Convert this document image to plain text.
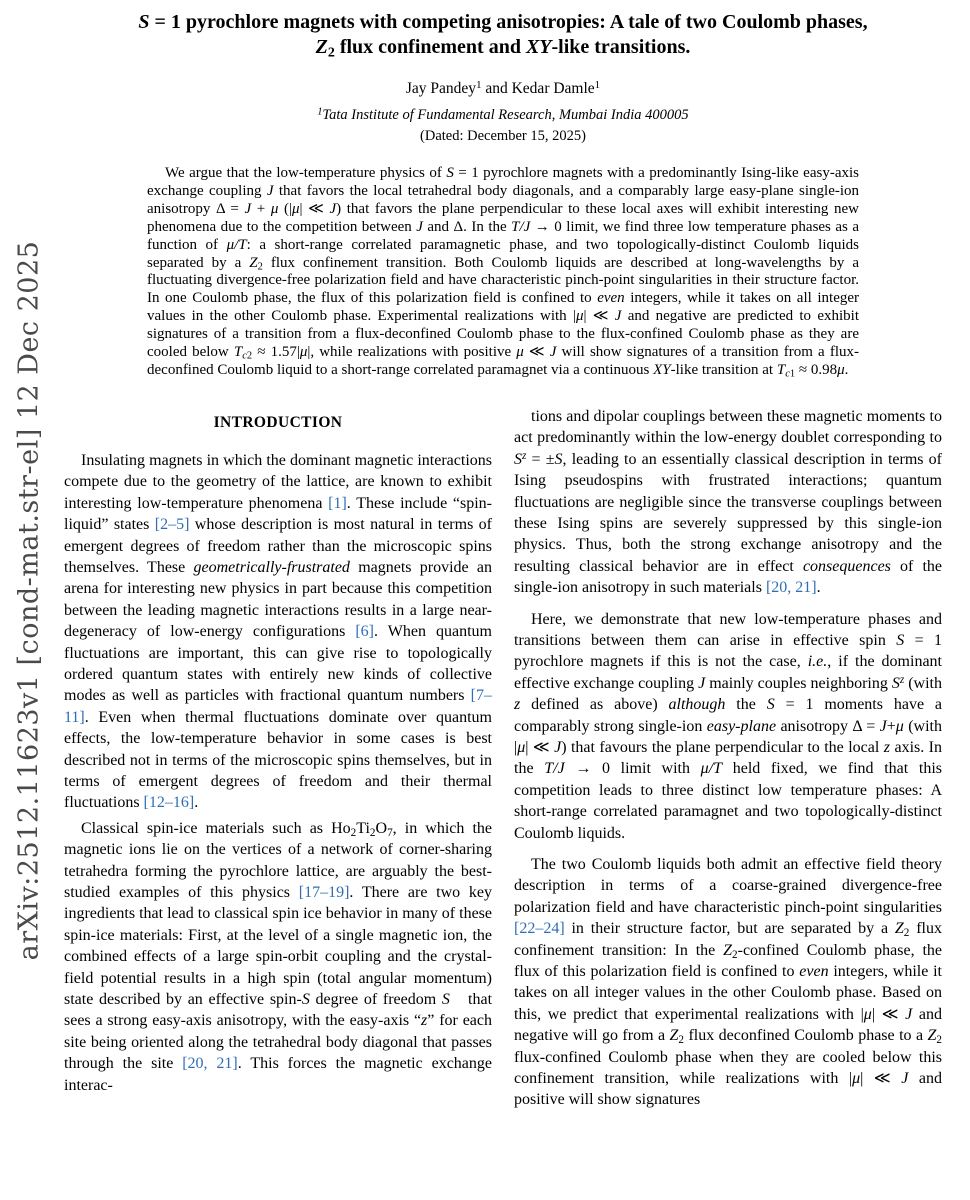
arXiv:2512.11623v1 [cond-mat.str-el] 12 Dec 2025
S = 1 pyrochlore magnets with competing anisotropies: A tale of two Coulomb phases,
Z2 flux confinement and XY-like transitions.
Jay Pandey$^1$ and Kedar Damle$^1$
$^1$Tata Institute of Fundamental Research, Mumbai India 400005
(Dated: December 15, 2025)
We argue that the low-temperature physics of S = 1 pyrochlore magnets with a predominantly Ising-like easy-axis exchange coupling J that favors the local tetrahedral body diagonals, and a comparably large easy-plane single-ion anisotropy Δ = J + μ (|μ| ≪ J) that favors the plane perpendicular to these local axes will exhibit interesting new phenomena due to the competition between J and Δ. In the T/J → 0 limit, we find three low temperature phases as a function of μ/T: a short-range correlated paramagnetic phase, and two topologically-distinct Coulomb liquids separated by a Z2 flux confinement transition. Both Coulomb liquids are described at long-wavelengths by a fluctuating divergence-free polarization field and have characteristic pinch-point singularities in their structure factor. In one Coulomb phase, the flux of this polarization field is confined to even integers, while it takes on all integer values in the other Coulomb phase. Experimental realizations with |μ| ≪ J and negative are predicted to exhibit signatures of a transition from a flux-deconfined Coulomb phase to the flux-confined Coulomb phase as they are cooled below Tc2 ≈ 1.57|μ|, while realizations with positive μ ≪ J will show signatures of a transition from a flux-deconfined Coulomb liquid to a short-range correlated paramagnet via a continuous XY-like transition at Tc1 ≈ 0.98μ.
INTRODUCTION

Insulating magnets in which the dominant magnetic interactions compete due to the geometry of the lattice, are known to exhibit interesting low-temperature phenomena [1]. These include “spin-liquid” states [2–5] whose description is most natural in terms of emergent degrees of freedom rather than the microscopic spins themselves. These geometrically-frustrated magnets provide an arena for interesting new physics in part because this competition between the leading magnetic interactions results in a large near-degeneracy of low-energy configurations [6]. When quantum fluctuations are important, this can give rise to topologically ordered quantum states with entirely new kinds of collective modes as well as particles with fractional quantum numbers [7–11]. Even when thermal fluctuations dominate over quantum effects, the low-temperature behavior in some cases is best described not in terms of the microscopic spins themselves, but in terms of emergent degrees of freedom and their thermal fluctuations [12–16].

Classical spin-ice materials such as Ho2Ti2O7, in which the magnetic ions lie on the vertices of a network of corner-sharing tetrahedra forming the pyrochlore lattice, are arguably the best-studied examples of this physics [17–19]. There are two key ingredients that lead to classical spin ice behavior in many of these spin-ice materials: First, at the level of a single magnetic ion, the combined effects of a large spin-orbit coupling and the crystal-field potential results in a high spin (total angular momentum) state described by an effective spin-S degree of freedom S⃗ that sees a strong easy-axis anisotropy, with the easy-axis “z” for each site being oriented along the tetrahedral body diagonal that passes through the site [20, 21]. This forces the magnetic exchange interac-

tions and dipolar couplings between these magnetic moments to act predominantly within the low-energy doublet corresponding to $S^z = \pm S$, leading to an essentially classical description in terms of Ising pseudospins with frustrated interactions; quantum fluctuations are negligible since the transverse couplings between these Ising spins are severely suppressed by this single-ion physics. Thus, both the strong exchange anisotropy and the resulting classical behavior are in effect consequences of the single-ion anisotropy in such materials [20, 21].

Here, we demonstrate that new low-temperature phases and transitions between them can arise in effective spin S = 1 pyrochlore magnets if this is not the case, i.e., if the dominant effective exchange coupling J mainly couples neighboring $S^z$ (with z defined as above) although the S = 1 moments have a comparably strong single-ion easy-plane anisotropy Δ = J+μ (with |μ| ≪ J) that favours the plane perpendicular to the local z axis. In the T/J → 0 limit with μ/T held fixed, we find that this competition leads to three distinct low temperature phases: A short-range correlated paramagnet and two topologically-distinct Coulomb liquids.

The two Coulomb liquids both admit an effective field theory description in terms of a coarse-grained divergence-free polarization field and have characteristic pinch-point singularities [22–24] in their structure factor, but are separated by a Z2 flux confinement transition: In the Z2-confined Coulomb phase, the flux of this polarization field is confined to even integers, while it takes on all integer values in the other Coulomb phase. Based on this, we predict that experimental realizations with |μ| ≪ J and negative will go from a Z2 flux deconfined Coulomb phase to a Z2 flux-confined Coulomb phase when they are cooled below this confinement transition, while realizations with |μ| ≪ J and positive will show signatures
